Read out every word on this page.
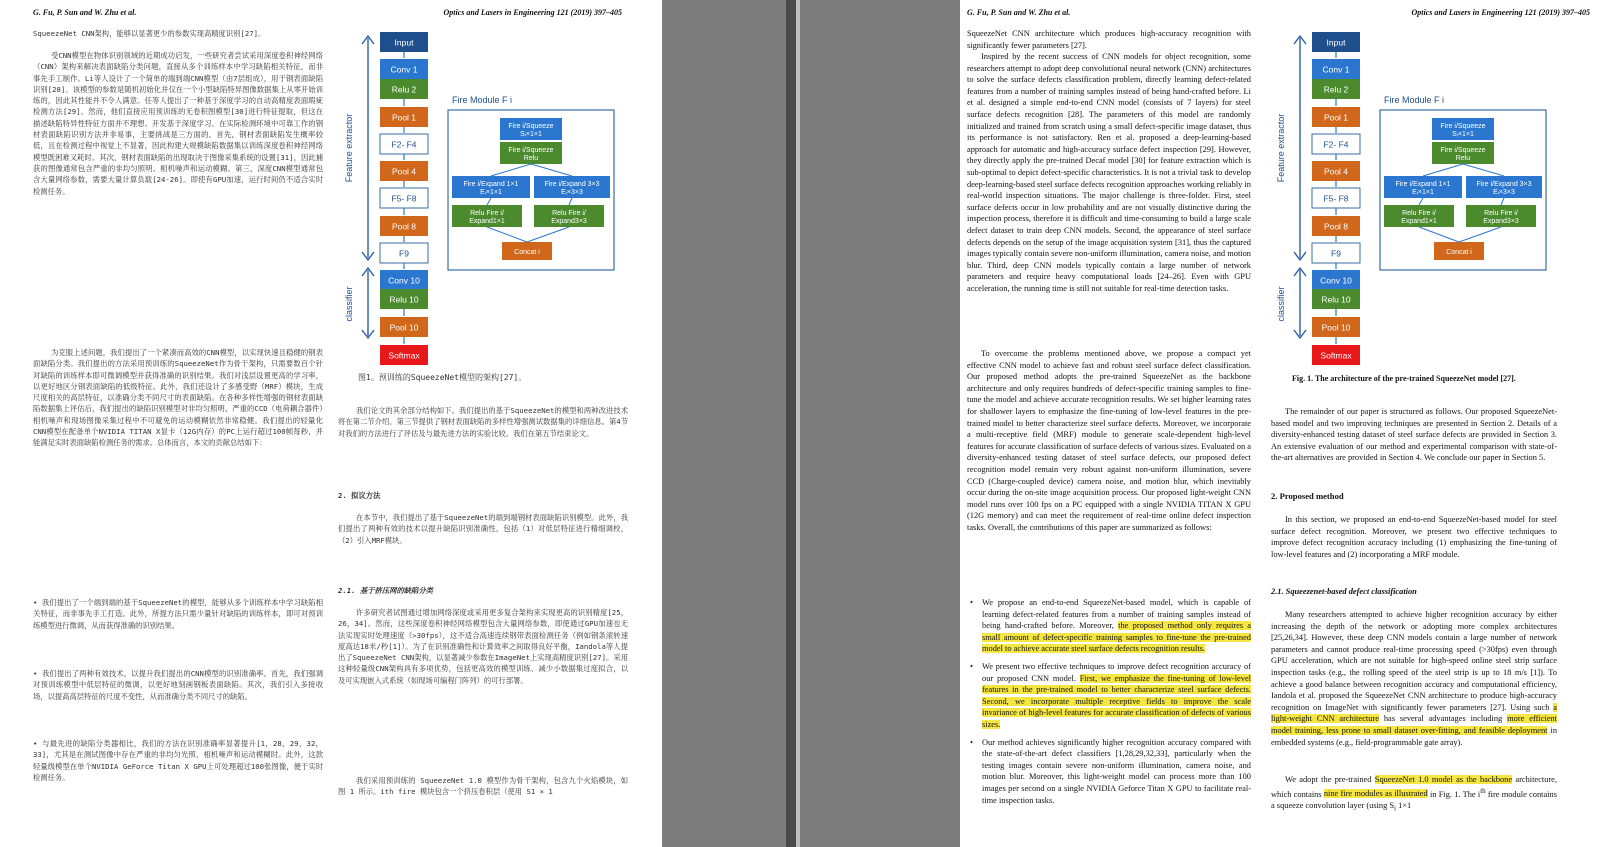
G. Fu, P. Sun and W. Zhu et al.	Optics and Lasers in Engineering 121 (2019) 397–405
SqueezeNet CNN架构，能够以显著更少的参数实现高精度识别[27]。
受CNN模型在物体识别领域的近期成功启发，一些研究者尝试采用深度卷积神经网络（CNN）架构来解决表面缺陷分类问题，直接从多个训练样本中学习缺陷相关特征，而非事先手工制作。Li等人设计了一个简单的端到端CNN模型（由7层组成），用于钢表面缺陷识别[28]。该模型的参数是随机初始化并仅在一个小型缺陷特异图像数据集上从零开始训练的，因此其性能并不令人满意。任等人提出了一种基于深度学习的自动高精度表面瑕疵检测方法[29]。然而，他们直接应用预训练的无卷积图模型[30]进行特征提取，但这在描述缺陷特异性特征方面并不理想。开发基于深度学习、在实际检测环境中可靠工作的钢材表面缺陷识别方法并非易事，主要挑战是三方面的。首先，钢材表面缺陷发生概率较低，且在检测过程中视觉上不显著，因此构建大规模缺陷数据集以训练深度卷积神经网络模型既困难又耗时。其次，钢材表面缺陷的出现取决于图像采集系统的设置[31]，因此捕获的图像通常包含严重的非均匀照明、相机噪声和运动模糊。第三，深度CNN模型通常包含大量网络参数，需要大量计算负载[24-26]。即使有GPU加速，运行时间仍不适合实时检测任务。
为克服上述问题，我们提出了一个紧凑而高效的CNN模型，以实现快速且稳健的钢表面缺陷分类。我们提出的方法采用预训练的SqueezeNet作为骨干架构，只需要数百个针对缺陷的训练样本即可微调模型并获得准确的识别结果。我们对浅层设置更高的学习率，以更好地区分钢表面缺陷的低级特征。此外，我们还设计了多感受野（MRF）模块，生成尺度相关的高层特征，以准确分类不同尺寸的表面缺陷。在各种多样性增强的钢材表面缺陷数据集上评估后，我们提出的缺陷识别模型对非均匀照明、严重的CCD（电荷耦合器件）相机噪声和现场图像采集过程中不可避免的运动模糊依然非常稳健。我们提出的轻量化CNN模型在配备单个NVIDIA TITAN X显卡（12G内存）的PC上运行超过100帧每秒，并能满足实时表面缺陷检测任务的需求。总体而言，本文的贡献总结如下：
• 我们提出了一个端到端的基于SqueezeNet的模型，能够从多个训练样本中学习缺陷相关特征，而非事先手工打造。此外，所提方法只需少量针对缺陷的训练样本，即可对预训练模型进行微调，从而获得准确的识别结果。
• 我们提出了两种有效技术，以提升我们提出的CNN模型的识别准确率。首先，我们强调对预训练模型中低层特征的微调，以更好地刻画钢板表面缺陷。其次，我们引入多接收场，以提高高层特征的尺度不变性，从而准确分类不同尺寸的缺陷。
• 与最先进的缺陷分类器相比，我们的方法在识别准确率显著提升[1，28，29，32，33]，尤其是在测试图像中存在严重的非均匀光照、相机噪声和运动模糊时。此外，这款轻量级模型在单个NVIDIA GeForce Titan X GPU上可处理超过100张图像，便于实时检测任务。
Feature extractor
classifier
Input
Conv 1
Relu 2
Pool 1
F2- F4
Pool 4
F5- F8
Pool 8
F9
Conv 10
Relu 10
Pool 10
Softmax
Fire Module F i
Fire i/Squeeze Sᵢ×1×1
Fire i/Squeeze Relu
Fire i/Expand 1×1 Eᵢ×1×1
Fire i/Expand 3×3 Eᵢ×3×3
Relu Fire i/ Expand1×1
Relu Fire i/ Expand3×3
Concat i
图1。预训练的SqueezeNet模型的架构[27]。
我们论文的其余部分结构如下。我们提出的基于SqueezeNet的模型和两种改进技术将在第二节介绍。第三节提供了钢材表面缺陷的多样性增强测试数据集的详细信息。第4节对我们的方法进行了评估及与最先进方法的实验比较。我们在第五节结束论文。
2. 拟议方法
在本节中，我们提出了基于SqueezeNet的端到端钢材表面缺陷识别模型。此外，我们提出了两种有效的技术以提升缺陷识别准确性，包括（1）对低层特征进行精细调校，（2）引入MRF模块。
2.1. 基于挤压网的缺陷分类
许多研究者试图通过增加网络深度或采用更多复合架构来实现更高的识别精度[25，26，34]。然而，这些深度卷积神经网络模型包含大量网络参数，即使通过GPU加速也无法实现实时处理速度（>30fps），这不适合高速连续钢带表面检测任务（例如钢条滚转速度高达18米/秒[1]）。为了在识别准确性和计算效率之间取得良好平衡，Iandola等人提出了SqueezeNet CNN架构，以显著减少参数在ImageNet上实现高精度识别[27]。采用这种轻量级CNN架构具有多项优势，包括更高效的模型训练、减少小数据集过度拟合，以及可实现嵌入式系统（如现场可编程门阵列）的可行部署。
我们采用预训练的 SqueezeNet 1.0 模型作为骨干架构，包含九个火焰模块，如图 1 所示。ith fire 模块包含一个挤压卷积层（使用 S1 × 1
G. Fu, P. Sun and W. Zhu et al.	Optics and Lasers in Engineering 121 (2019) 397–405
SqueezeNet CNN architecture which produces high-accuracy recognition with significantly fewer parameters [27].
Inspired by the recent success of CNN models for object recognition, some researchers attempt to adopt deep convolutional neural network (CNN) architectures to solve the surface defects classification problem, directly learning defect-related features from a number of training samples instead of being hand-crafted before. Li et al. designed a simple end-to-end CNN model (consists of 7 layers) for steel surface defects recognition [28]. The parameters of this model are randomly initialized and trained from scratch using a small defect-specific image dataset, thus its performance is not satisfactory. Ren et al. proposed a deep-learning-based approach for automatic and high-accuracy surface defect inspection [29]. However, they directly apply the pre-trained Decaf model [30] for feature extraction which is sub-optimal to depict defect-specific characteristics. It is not a trivial task to develop deep-learning-based steel surface defects recognition approaches working reliably in real-world inspection situations. The major challenge is three-folder. First, steel surface defects occur in low probability and are not visually distinctive during the inspection process, therefore it is difficult and time-consuming to build a large scale defect dataset to train deep CNN models. Second, the appearance of steel surface defects depends on the setup of the image acquisition system [31], thus the captured images typically contain severe non-uniform illumination, camera noise, and motion blur. Third, deep CNN models typically contain a large number of network parameters and require heavy computational loads [24–26]. Even with GPU acceleration, the running time is still not suitable for real-time detection tasks.
To overcome the problems mentioned above, we propose a compact yet effective CNN model to achieve fast and robust steel surface defect classification. Our proposed method adopts the pre-trained SqueezeNet as the backbone architecture and only requires hundreds of defect-specific training samples to fine-tune the model and achieve accurate recognition results. We set higher learning rates for shallower layers to emphasize the fine-tuning of low-level features in the pre-trained model to better characterize steel surface defects. Moreover, we incorporate a multi-receptive field (MRF) module to generate scale-dependent high-level features for accurate classification of surface defects of various sizes. Evaluated on a diversity-enhanced testing dataset of steel surface defects, our proposed defect recognition model remain very robust against non-uniform illumination, severe CCD (Charge-coupled device) camera noise, and motion blur, which inevitably occur during the on-site image acquisition process. Our proposed light-weight CNN model runs over 100 fps on a PC equipped with a single NVIDIA TITAN X GPU (12G memory) and can meet the requirement of real-time online defect inspection tasks. Overall, the contributions of this paper are summarized as follows:
• We propose an end-to-end SqueezeNet-based model, which is capable of learning defect-related features from a number of training samples instead of being hand-crafted before. Moreover, the proposed method only requires a small amount of defect-specific training samples to fine-tune the pre-trained model to achieve accurate steel surface defects recognition results.
• We present two effective techniques to improve defect recognition accuracy of our proposed CNN model. First, we emphasize the fine-tuning of low-level features in the pre-trained model to better characterize steel surface defects. Second, we incorporate multiple receptive fields to improve the scale invariance of high-level features for accurate classification of defects of various sizes.
• Our method achieves significantly higher recognition accuracy compared with the state-of-the-art defect classifiers [1,28,29,32,33], particularly when the testing images contain severe non-uniform illumination, camera noise, and motion blur. Moreover, this light-weight model can process more than 100 images per second on a single NVIDIA Geforce Titan X GPU to facilitate real-time inspection tasks.
Feature extractor
classifier
Input
Conv 1
Relu 2
Pool 1
F2- F4
Pool 4
F5- F8
Pool 8
F9
Conv 10
Relu 10
Pool 10
Softmax
Fire Module F i
Fire i/Squeeze Sᵢ×1×1
Fire i/Squeeze Relu
Fire i/Expand 1×1 Eᵢ×1×1
Fire i/Expand 3×3 Eᵢ×3×3
Relu Fire i/ Expand1×1
Relu Fire i/ Expand3×3
Concat i
Fig. 1. The architecture of the pre-trained SqueezeNet model [27].
The remainder of our paper is structured as follows. Our proposed SqueezeNet-based model and two improving techniques are presented in Section 2. Details of a diversity-enhanced testing dataset of steel surface defects are provided in Section 3. An extensive evaluation of our method and experimental comparison with state-of-the-art alternatives are provided in Section 4. We conclude our paper in Section 5.
2. Proposed method
In this section, we proposed an end-to-end SqueezeNet-based model for steel surface defect recognition. Moreover, we present two effective techniques to improve defect recognition accuracy including (1) emphasizing the fine-tuning of low-level features and (2) incorporating a MRF module.
2.1. Squeezenet-based defect classification
Many researchers attempted to achieve higher recognition accuracy by either increasing the depth of the network or adopting more complex architectures [25,26,34]. However, these deep CNN models contain a large number of network parameters and cannot produce real-time processing speed (>30fps) even through GPU acceleration, which are not suitable for high-speed online steel strip surface inspection tasks (e.g., the rolling speed of the steel strip is up to 18 m/s [1]). To achieve a good balance between recognition accuracy and computational efficiency, Iandola et al. proposed the SqueezeNet CNN architecture to produce high-accuracy recognition on ImageNet with significantly fewer parameters [27]. Using such a light-weight CNN architecture has several advantages including more efficient model training, less prone to small dataset over-fitting, and feasible deployment in embedded systems (e.g., field-programmable gate array).
We adopt the pre-trained SqueezeNet 1.0 model as the backbone architecture, which contains nine fire modules as illustrated in Fig. 1. The $i^{th}$ fire module contains a squeeze convolution layer (using $S_i$ 1×1
